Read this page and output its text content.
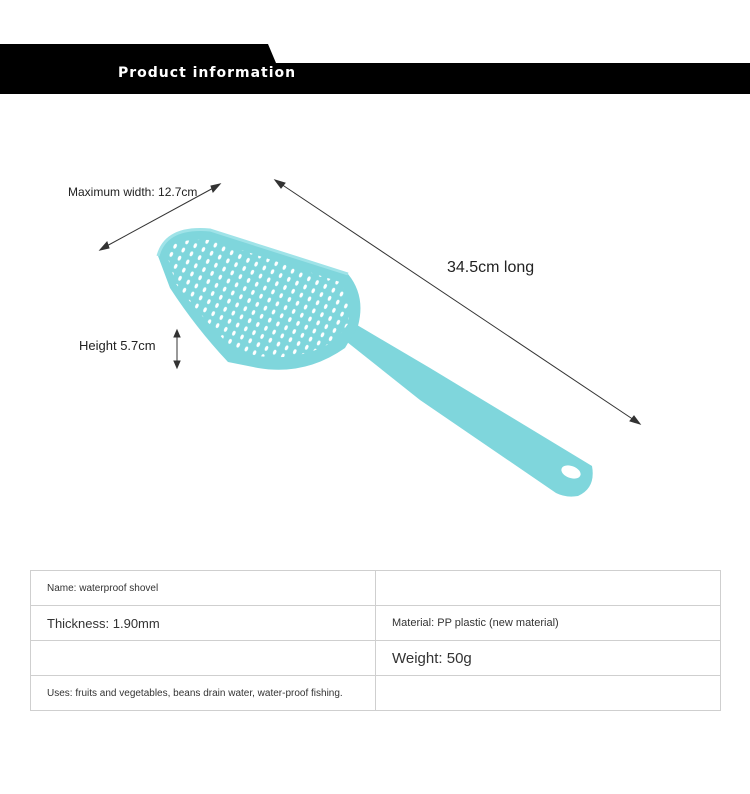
Product information
Maximum width: 12.7cm
34.5cm long
Height 5.7cm
Name: waterproof shovel	
Thickness: 1.90mm	Material: PP plastic (new material)
	Weight: 50g
Uses: fruits and vegetables, beans drain water, water-proof fishing.	
